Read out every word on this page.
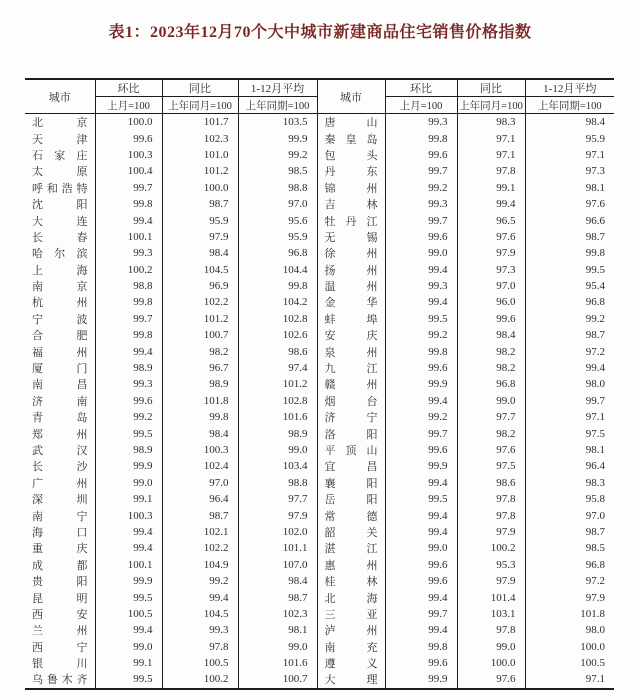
表1：2023年12月70个大中城市新建商品住宅销售价格指数
城市	环比	同比	1-12月平均	城市	环比	同比	1-12月平均
	上月=100	上年同月=100	上年同期=100		上月=100	上年同月=100	上年同期=100

北京	100.0	101.7	103.5	唐山	99.3	98.3	98.4

天津	99.6	102.3	99.9	秦皇岛	99.8	97.1	95.9

石家庄	100.3	101.0	99.2	包头	99.6	97.1	97.1

太原	100.4	101.2	98.5	丹东	99.7	97.8	97.3

呼和浩特	99.7	100.0	98.8	锦州	99.2	99.1	98.1

沈阳	99.8	98.7	97.0	吉林	99.3	99.4	97.6

大连	99.4	95.9	95.6	牡丹江	99.7	96.5	96.6

长春	100.1	97.9	95.9	无锡	99.6	97.6	98.7

哈尔滨	99.3	98.4	96.8	徐州	99.0	97.9	99.8

上海	100.2	104.5	104.4	扬州	99.4	97.3	99.5

南京	98.8	96.9	99.8	温州	99.3	97.0	95.4

杭州	99.8	102.2	104.2	金华	99.4	96.0	96.8

宁波	99.7	101.2	102.8	蚌埠	99.5	99.6	99.2

合肥	99.8	100.7	102.6	安庆	99.2	98.4	98.7

福州	99.4	98.2	98.6	泉州	99.8	98.2	97.2

厦门	98.9	96.7	97.4	九江	99.6	98.2	99.4

南昌	99.3	98.9	101.2	赣州	99.9	96.8	98.0

济南	99.6	101.8	102.8	烟台	99.4	99.0	99.7

青岛	99.2	99.8	101.6	济宁	99.2	97.7	97.1

郑州	99.5	98.4	98.9	洛阳	99.7	98.2	97.5

武汉	98.9	100.3	99.0	平顶山	99.6	97.6	98.1

长沙	99.9	102.4	103.4	宜昌	99.9	97.5	96.4

广州	99.0	97.0	98.8	襄阳	99.4	98.6	98.3

深圳	99.1	96.4	97.7	岳阳	99.5	97.8	95.8

南宁	100.3	98.7	97.9	常德	99.4	97.8	97.0

海口	99.4	102.1	102.0	韶关	99.4	97.9	98.7

重庆	99.4	102.2	101.1	湛江	99.0	100.2	98.5

成都	100.1	104.9	107.0	惠州	99.6	95.3	96.8

贵阳	99.9	99.2	98.4	桂林	99.6	97.9	97.2

昆明	99.5	99.4	98.7	北海	99.4	101.4	97.9

西安	100.5	104.5	102.3	三亚	99.7	103.1	101.8

兰州	99.4	99.3	98.1	泸州	99.4	97.8	98.0

西宁	99.0	97.8	99.0	南充	99.8	99.0	100.0

银川	99.1	100.5	101.6	遵义	99.6	100.0	100.5

乌鲁木齐	99.5	100.2	100.7	大理	99.9	97.6	97.1
